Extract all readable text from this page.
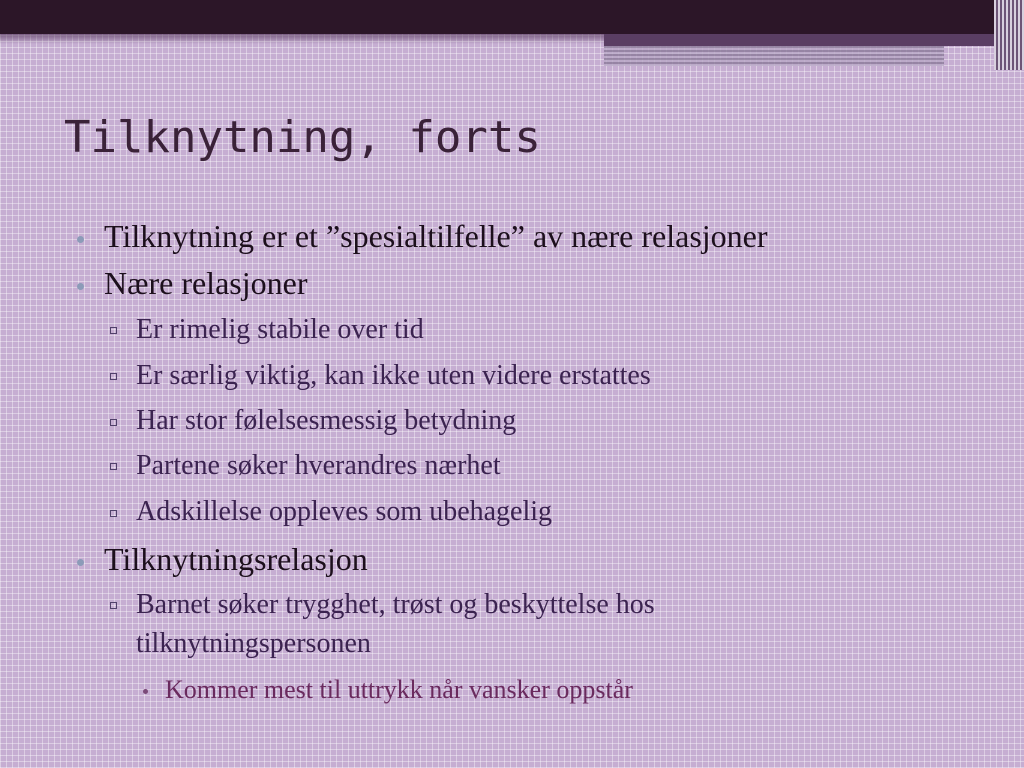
Tilknytning, forts
Tilknytning er et ”spesialtilfelle” av nære relasjoner
Nære relasjoner
Er rimelig stabile over tid
Er særlig viktig, kan ikke uten videre erstattes
Har stor følelsesmessig betydning
Partene søker hverandres nærhet
Adskillelse oppleves som ubehagelig
Tilknytningsrelasjon
Barnet søker trygghet, trøst og beskyttelse hos
tilknytningspersonen
Kommer mest til uttrykk når vansker oppstår
